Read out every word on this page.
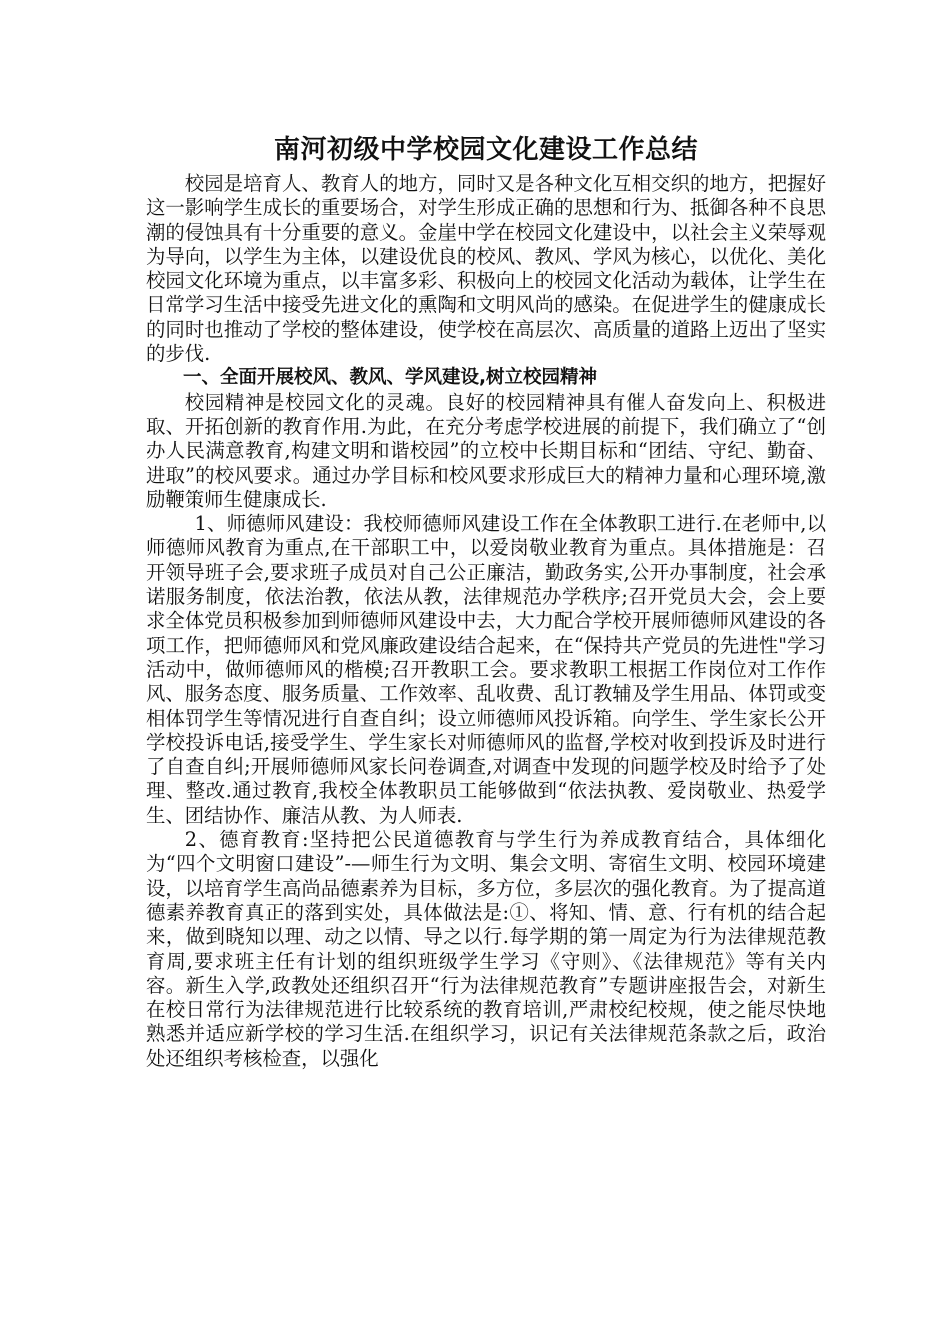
南河初级中学校园文化建设工作总结

校园是培育人、教育人的地方，同时又是各种文化互相交织的地方，把握好这一影响学生成长的重要场合，对学生形成正确的思想和行为、抵御各种不良思潮的侵蚀具有十分重要的意义。金崖中学在校园文化建设中，以社会主义荣辱观为导向，以学生为主体，以建设优良的校风、教风、学风为核心，以优化、美化校园文化环境为重点，以丰富多彩、积极向上的校园文化活动为载体，让学生在日常学习生活中接受先进文化的熏陶和文明风尚的感染。在促进学生的健康成长的同时也推动了学校的整体建设，使学校在高层次、高质量的道路上迈出了坚实的步伐.

一、全面开展校风、教风、学风建设,树立校园精神

校园精神是校园文化的灵魂。良好的校园精神具有催人奋发向上、积极进取、开拓创新的教育作用.为此，在充分考虑学校进展的前提下，我们确立了“创办人民满意教育,构建文明和谐校园”的立校中长期目标和“团结、守纪、勤奋、进取”的校风要求。通过办学目标和校风要求形成巨大的精神力量和心理环境,激励鞭策师生健康成长.

1、师德师风建设：我校师德师风建设工作在全体教职工进行.在老师中,以师德师风教育为重点,在干部职工中，以爱岗敬业教育为重点。具体措施是：召开领导班子会,要求班子成员对自己公正廉洁，勤政务实,公开办事制度，社会承诺服务制度，依法治教，依法从教，法律规范办学秩序;召开党员大会，会上要求全体党员积极参加到师德师风建设中去，大力配合学校开展师德师风建设的各项工作，把师德师风和党风廉政建设结合起来，在“保持共产党员的先进性"学习活动中，做师德师风的楷模;召开教职工会。要求教职工根据工作岗位对工作作风、服务态度、服务质量、工作效率、乱收费、乱订教辅及学生用品、体罚或变相体罚学生等情况进行自查自纠；设立师德师风投诉箱。向学生、学生家长公开学校投诉电话,接受学生、学生家长对师德师风的监督,学校对收到投诉及时进行了自查自纠;开展师德师风家长问卷调查,对调查中发现的问题学校及时给予了处理、整改.通过教育,我校全体教职员工能够做到“依法执教、爱岗敬业、热爱学生、团结协作、廉洁从教、为人师表.

2、德育教育:坚持把公民道德教育与学生行为养成教育结合，具体细化为“四个文明窗口建设”-—师生行为文明、集会文明、寄宿生文明、校园环境建设，以培育学生高尚品德素养为目标，多方位，多层次的强化教育。为了提高道德素养教育真正的落到实处，具体做法是:①、将知、情、意、行有机的结合起来，做到晓知以理、动之以情、导之以行.每学期的第一周定为行为法律规范教育周,要求班主任有计划的组织班级学生学习《守则》、《法律规范》等有关内容。新生入学,政教处还组织召开“行为法律规范教育”专题讲座报告会，对新生在校日常行为法律规范进行比较系统的教育培训,严肃校纪校规，使之能尽快地熟悉并适应新学校的学习生活.在组织学习，识记有关法律规范条款之后，政治处还组织考核检查，以强化
